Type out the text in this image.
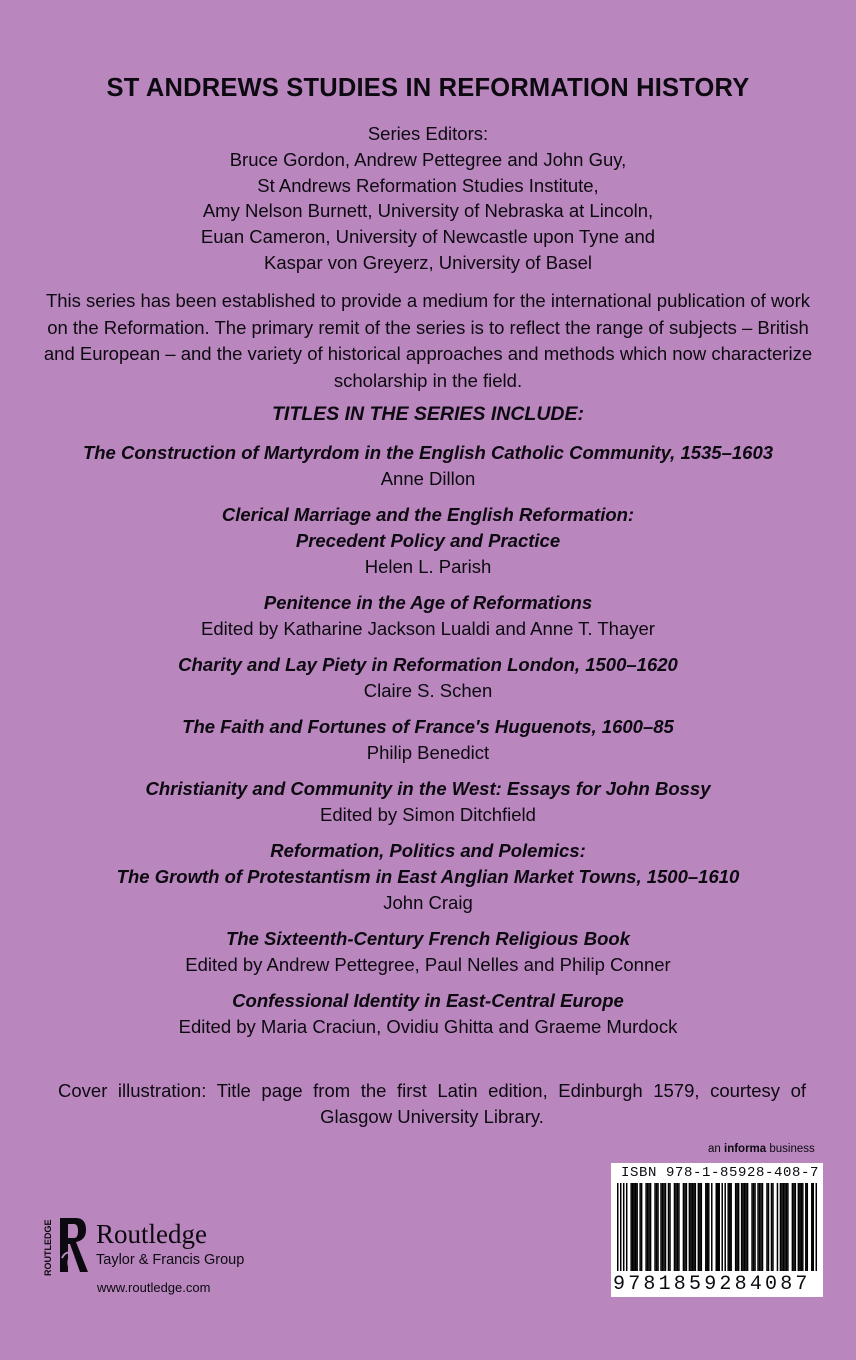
ST ANDREWS STUDIES IN REFORMATION HISTORY
Series Editors:
Bruce Gordon, Andrew Pettegree and John Guy,
St Andrews Reformation Studies Institute,
Amy Nelson Burnett, University of Nebraska at Lincoln,
Euan Cameron, University of Newcastle upon Tyne and
Kaspar von Greyerz, University of Basel
This series has been established to provide a medium for the international publication of work on the Reformation. The primary remit of the series is to reflect the range of subjects – British and European – and the variety of historical approaches and methods which now characterize scholarship in the field.
TITLES IN THE SERIES INCLUDE:
The Construction of Martyrdom in the English Catholic Community, 1535–1603
Anne Dillon
Clerical Marriage and the English Reformation:
Precedent Policy and Practice
Helen L. Parish
Penitence in the Age of Reformations
Edited by Katharine Jackson Lualdi and Anne T. Thayer
Charity and Lay Piety in Reformation London, 1500–1620
Claire S. Schen
The Faith and Fortunes of France's Huguenots, 1600–85
Philip Benedict
Christianity and Community in the West: Essays for John Bossy
Edited by Simon Ditchfield
Reformation, Politics and Polemics:
The Growth of Protestantism in East Anglian Market Towns, 1500–1610
John Craig
The Sixteenth-Century French Religious Book
Edited by Andrew Pettegree, Paul Nelles and Philip Conner
Confessional Identity in East-Central Europe
Edited by Maria Craciun, Ovidiu Ghitta and Graeme Murdock
Cover illustration: Title page from the first Latin edition, Edinburgh 1579, courtesy of Glasgow University Library.
an informa business
ISBN 978-1-85928-408-7
9781859284087
ROUTLEDGE Routledge
Taylor & Francis Group
www.routledge.com
